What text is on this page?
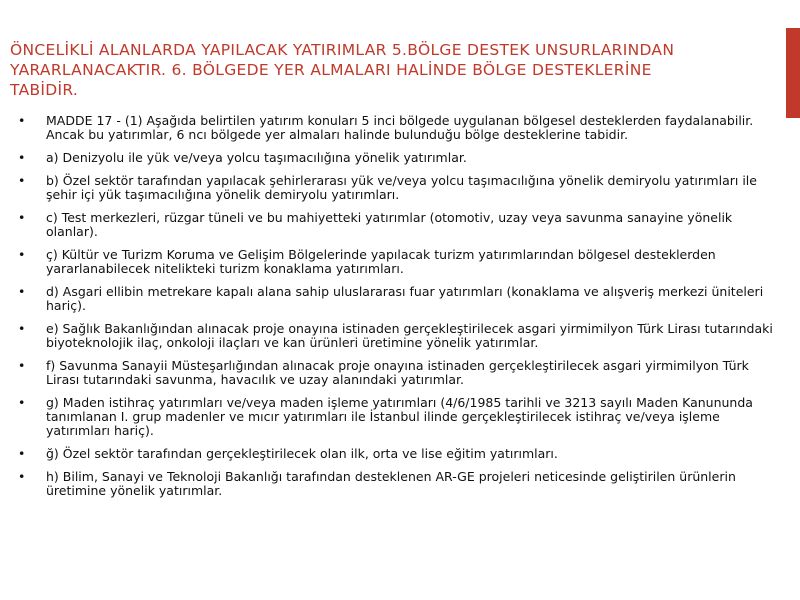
ÖNCELİKLİ ALANLARDA YAPILACAK YATIRIMLAR 5.BÖLGE DESTEK UNSURLARINDAN
YARARLANACAKTIR. 6. BÖLGEDE YER ALMALARI HALİNDE BÖLGE DESTEKLERİNE
TABİDİR.
• MADDE 17 - (1) Aşağıda belirtilen yatırım konuları 5 inci bölgede uygulanan bölgesel desteklerden faydalanabilir. Ancak bu yatırımlar, 6 ncı bölgede yer almaları halinde bulunduğu bölge desteklerine tabidir.
• a) Denizyolu ile yük ve/veya yolcu taşımacılığına yönelik yatırımlar.
• b) Özel sektör tarafından yapılacak şehirlerarası yük ve/veya yolcu taşımacılığına yönelik demiryolu yatırımları ile şehir içi yük taşımacılığına yönelik demiryolu yatırımları.
• c) Test merkezleri, rüzgar tüneli ve bu mahiyetteki yatırımlar (otomotiv, uzay veya savunma sanayine yönelik olanlar).
• ç) Kültür ve Turizm Koruma ve Gelişim Bölgelerinde yapılacak turizm yatırımlarından bölgesel desteklerden yararlanabilecek nitelikteki turizm konaklama yatırımları.
• d) Asgari ellibin metrekare kapalı alana sahip uluslararası fuar yatırımları (konaklama ve alışveriş merkezi üniteleri hariç).
• e) Sağlık Bakanlığından alınacak proje onayına istinaden gerçekleştirilecek asgari yirmimilyon Türk Lirası tutarındaki biyoteknolojik ilaç, onkoloji ilaçları ve kan ürünleri üretimine yönelik yatırımlar.
• f) Savunma Sanayii Müsteşarlığından alınacak proje onayına istinaden gerçekleştirilecek asgari yirmimilyon Türk Lirası tutarındaki savunma, havacılık ve uzay alanındaki yatırımlar.
• g) Maden istihraç yatırımları ve/veya maden işleme yatırımları (4/6/1985 tarihli ve 3213 sayılı Maden Kanununda tanımlanan I. grup madenler ve mıcır yatırımları ile İstanbul ilinde gerçekleştirilecek istihraç ve/veya işleme yatırımları hariç).
• ğ) Özel sektör tarafından gerçekleştirilecek olan ilk, orta ve lise eğitim yatırımları.
• h) Bilim, Sanayi ve Teknoloji Bakanlığı tarafından desteklenen AR-GE projeleri neticesinde geliştirilen ürünlerin üretimine yönelik yatırımlar.
